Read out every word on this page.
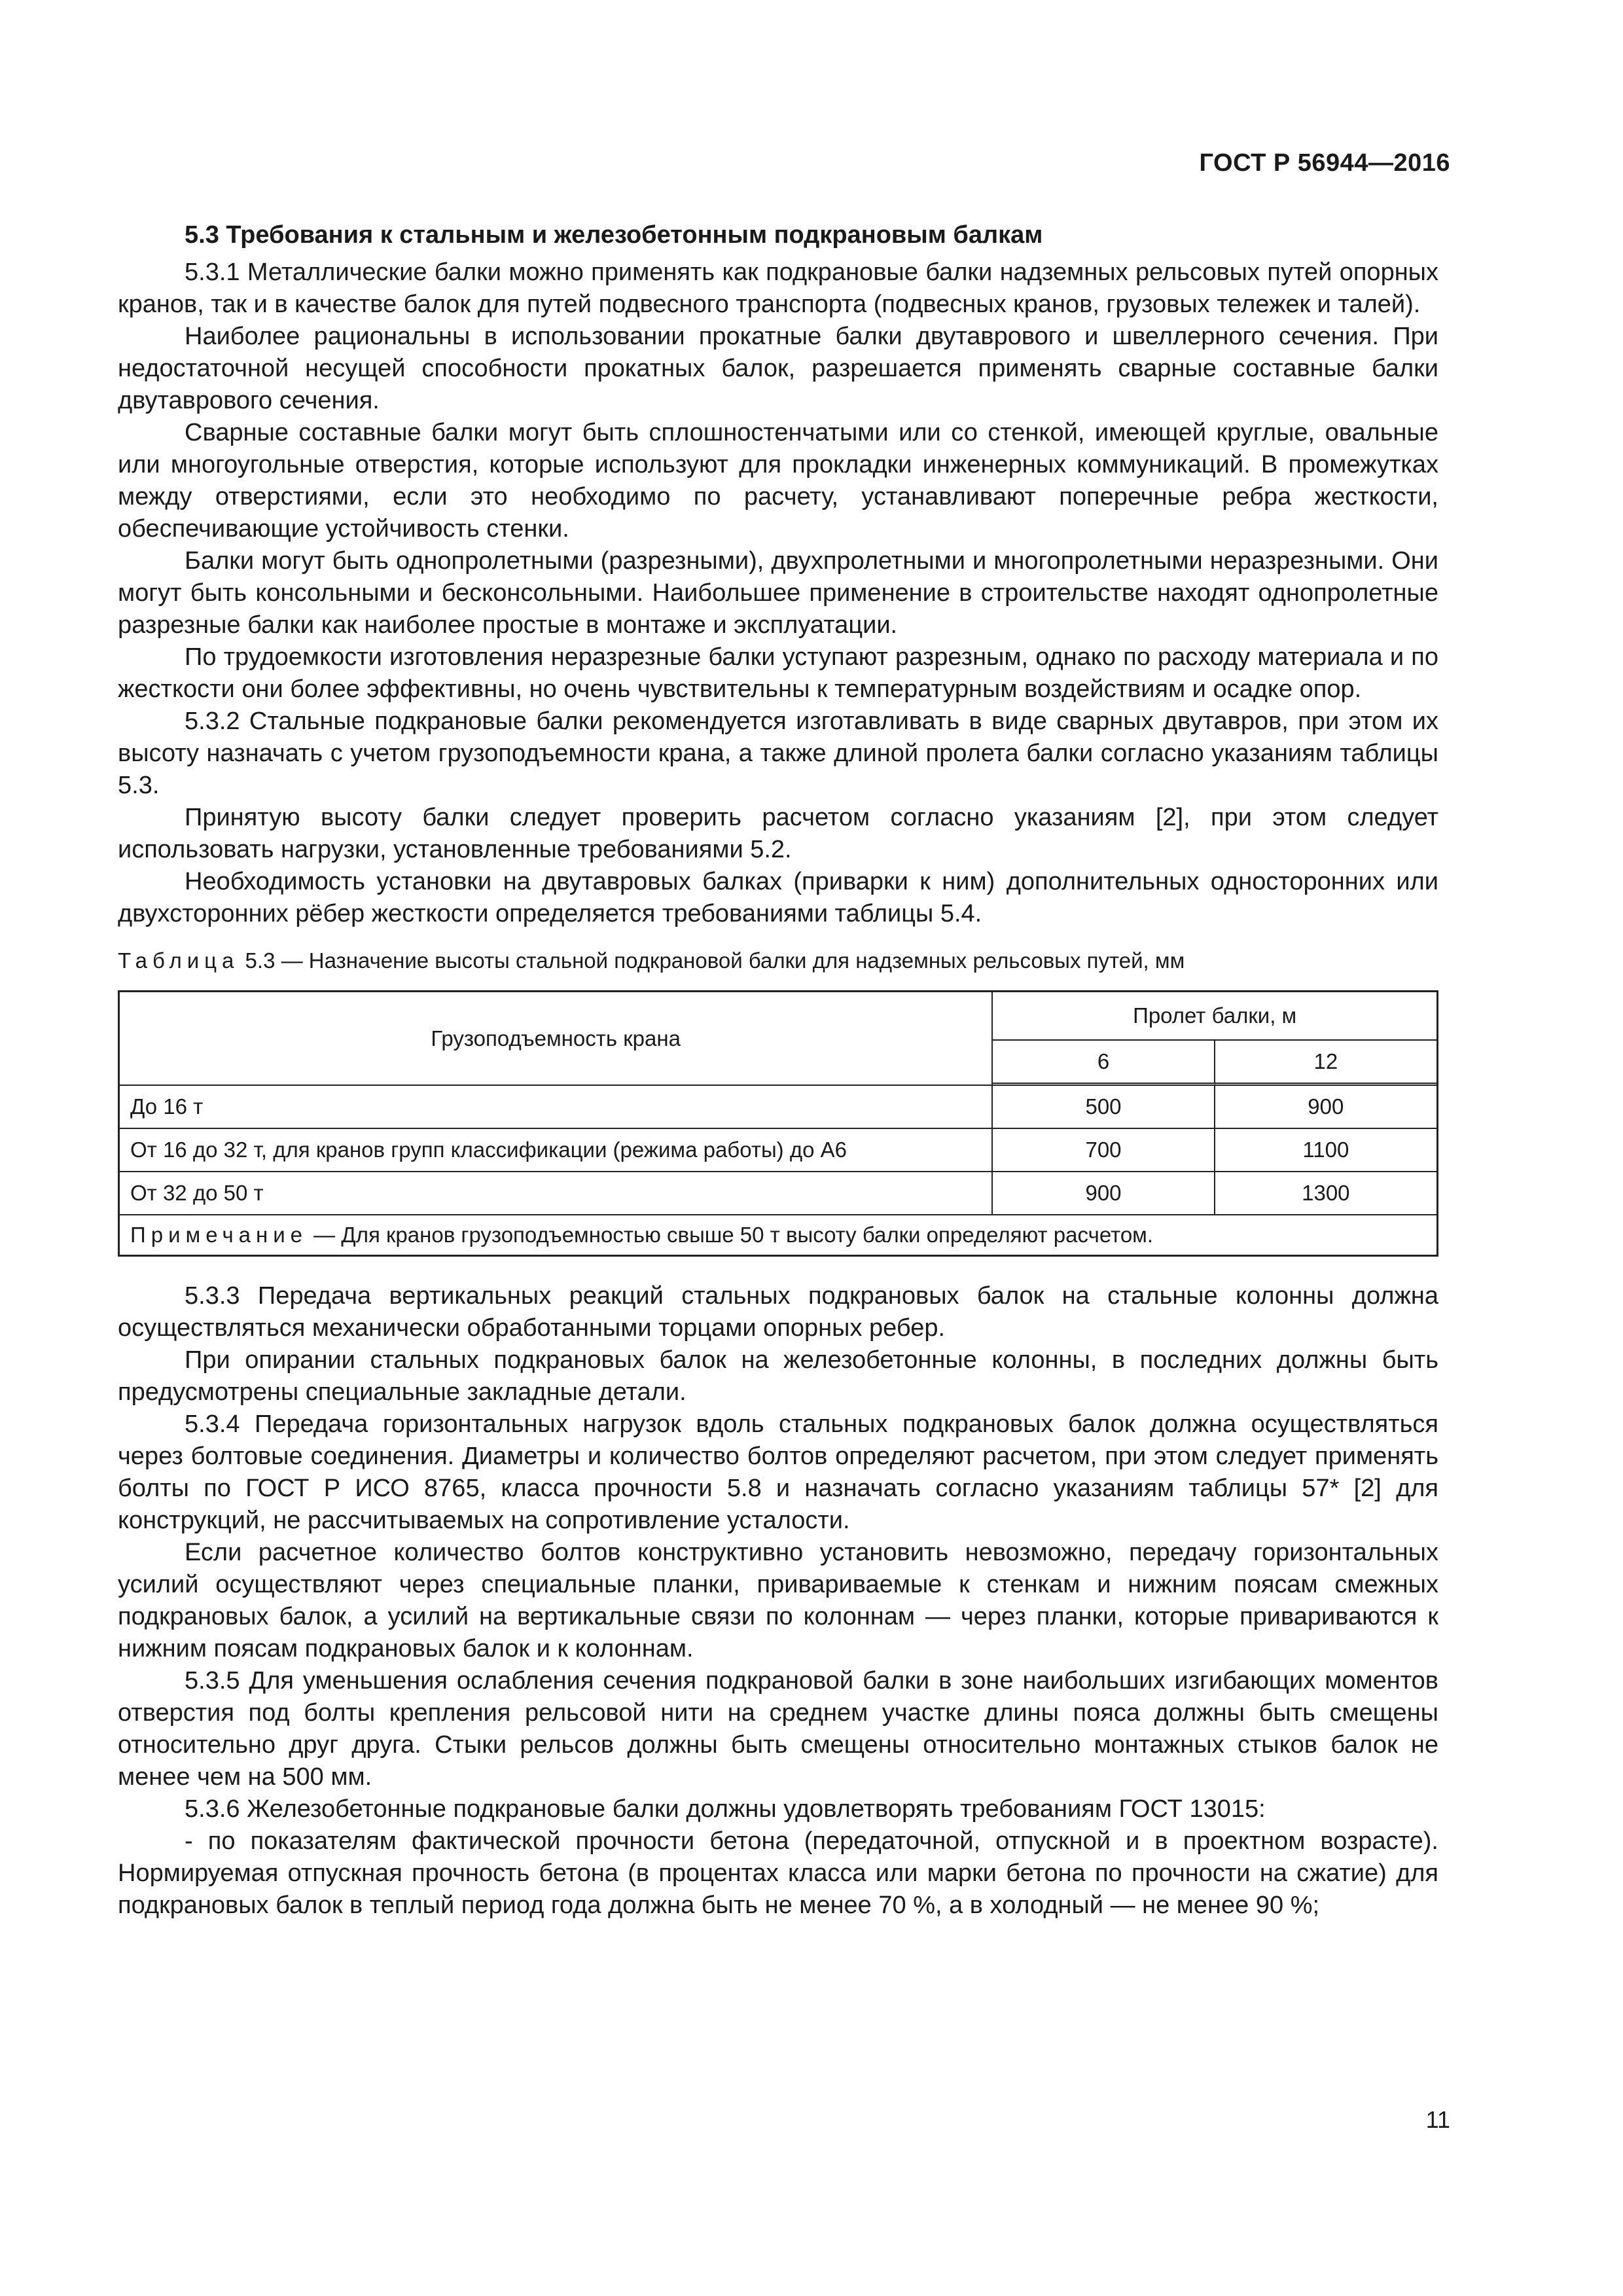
ГОСТ Р 56944—2016
5.3 Требования к стальным и железобетонным подкрановым балкам

5.3.1 Металлические балки можно применять как подкрановые балки надземных рельсовых путей опорных кранов, так и в качестве балок для путей подвесного транспорта (подвесных кранов, грузовых тележек и талей).

Наиболее рациональны в использовании прокатные балки двутаврового и швеллерного сечения. При недостаточной несущей способности прокатных балок, разрешается применять сварные составные балки двутаврового сечения.

Сварные составные балки могут быть сплошностенчатыми или со стенкой, имеющей круглые, овальные или многоугольные отверстия, которые используют для прокладки инженерных коммуникаций. В промежутках между отверстиями, если это необходимо по расчету, устанавливают поперечные ребра жесткости, обеспечивающие устойчивость стенки.

Балки могут быть однопролетными (разрезными), двухпролетными и многопролетными неразрезными. Они могут быть консольными и бесконсольными. Наибольшее применение в строительстве находят однопролетные разрезные балки как наиболее простые в монтаже и эксплуатации.

По трудоемкости изготовления неразрезные балки уступают разрезным, однако по расходу материала и по жесткости они более эффективны, но очень чувствительны к температурным воздействиям и осадке опор.

5.3.2 Стальные подкрановые балки рекомендуется изготавливать в виде сварных двутавров, при этом их высоту назначать с учетом грузоподъемности крана, а также длиной пролета балки согласно указаниям таблицы 5.3.

Принятую высоту балки следует проверить расчетом согласно указаниям [2], при этом следует использовать нагрузки, установленные требованиями 5.2.

Необходимость установки на двутавровых балках (приварки к ним) дополнительных односторонних или двухсторонних рёбер жесткости определяется требованиями таблицы 5.4.

Таблица 5.3 — Назначение высоты стальной подкрановой балки для надземных рельсовых путей, мм
Грузоподъемность крана	Пролет балки, м	
	6	12
До 16 т	500	900
От 16 до 32 т, для кранов групп классификации (режима работы) до А6	700	1100
От 32 до 50 т	900	1300
Примечание — Для кранов грузоподъемностью свыше 50 т высоту балки определяют расчетом.		

5.3.3 Передача вертикальных реакций стальных подкрановых балок на стальные колонны должна осуществляться механически обработанными торцами опорных ребер.

При опирании стальных подкрановых балок на железобетонные колонны, в последних должны быть предусмотрены специальные закладные детали.

5.3.4 Передача горизонтальных нагрузок вдоль стальных подкрановых балок должна осуществляться через болтовые соединения. Диаметры и количество болтов определяют расчетом, при этом следует применять болты по ГОСТ Р ИСО 8765, класса прочности 5.8 и назначать согласно указаниям таблицы 57* [2] для конструкций, не рассчитываемых на сопротивление усталости.

Если расчетное количество болтов конструктивно установить невозможно, передачу горизонтальных усилий осуществляют через специальные планки, привариваемые к стенкам и нижним поясам смежных подкрановых балок, а усилий на вертикальные связи по колоннам — через планки, которые привариваются к нижним поясам подкрановых балок и к колоннам.

5.3.5 Для уменьшения ослабления сечения подкрановой балки в зоне наибольших изгибающих моментов отверстия под болты крепления рельсовой нити на среднем участке длины пояса должны быть смещены относительно друг друга. Стыки рельсов должны быть смещены относительно монтажных стыков балок не менее чем на 500 мм.

5.3.6 Железобетонные подкрановые балки должны удовлетворять требованиям ГОСТ 13015:

- по показателям фактической прочности бетона (передаточной, отпускной и в проектном возрасте). Нормируемая отпускная прочность бетона (в процентах класса или марки бетона по прочности на сжатие) для подкрановых балок в теплый период года должна быть не менее 70 %, а в холодный — не менее 90 %;

11
